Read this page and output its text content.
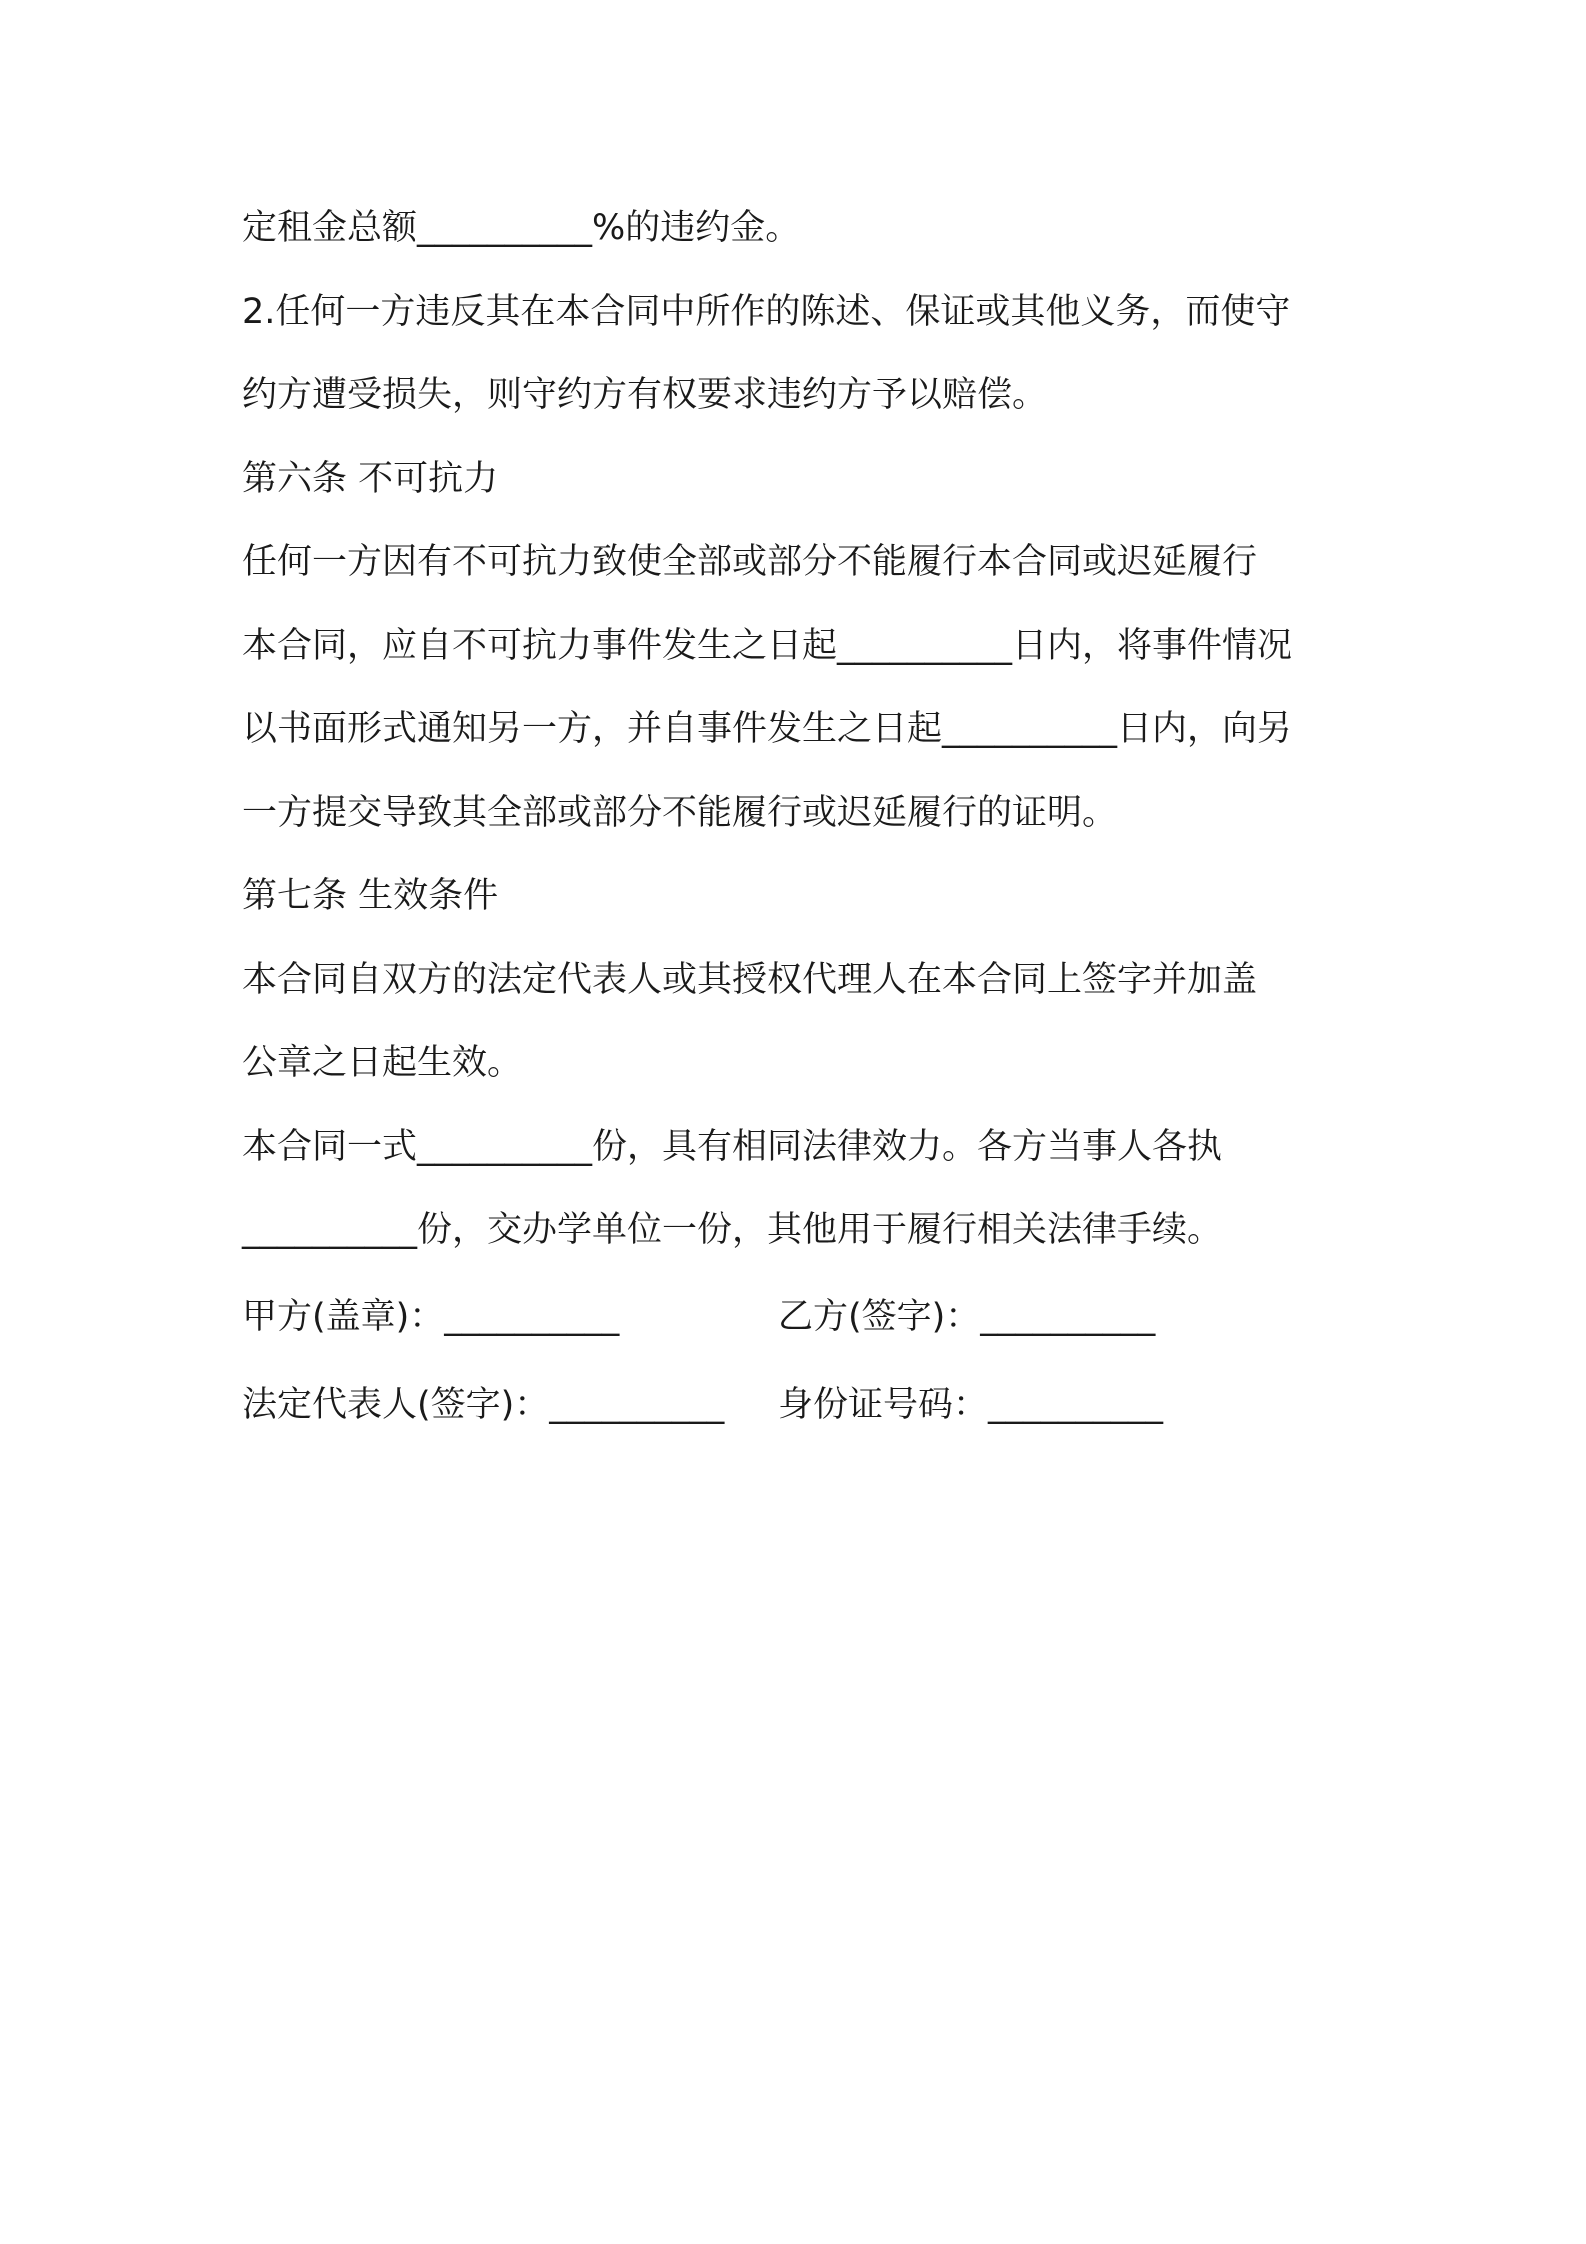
定租金总额__________%的违约金。
2.任何一方违反其在本合同中所作的陈述、保证或其他义务，而使守
约方遭受损失，则守约方有权要求违约方予以赔偿。
第六条 不可抗力
任何一方因有不可抗力致使全部或部分不能履行本合同或迟延履行
本合同，应自不可抗力事件发生之日起__________日内，将事件情况
以书面形式通知另一方，并自事件发生之日起__________日内，向另
一方提交导致其全部或部分不能履行或迟延履行的证明。
第七条 生效条件
本合同自双方的法定代表人或其授权代理人在本合同上签字并加盖
公章之日起生效。
本合同一式__________份，具有相同法律效力。各方当事人各执
__________份，交办学单位一份，其他用于履行相关法律手续。
甲方(盖章)：__________	乙方(签字)：__________
法定代表人(签字)：__________ 身份证号码：__________
